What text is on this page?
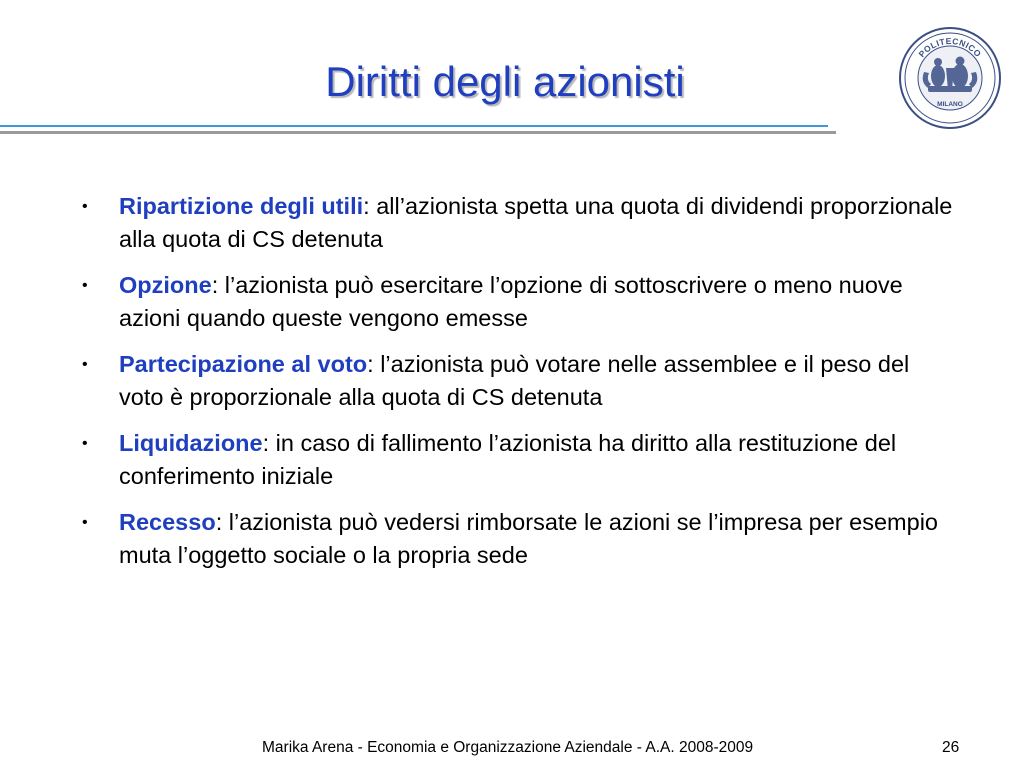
Diritti degli azionisti
POLITECNICO
MILANO
• Ripartizione degli utili: all’azionista spetta una quota di dividendi proporzionale alla quota di CS detenuta
• Opzione: l’azionista può esercitare l’opzione di sottoscrivere o meno nuove azioni quando queste vengono emesse
• Partecipazione al voto: l’azionista può votare nelle assemblee e il peso del voto è proporzionale alla quota di CS detenuta
• Liquidazione: in caso di fallimento l’azionista ha diritto alla restituzione del conferimento iniziale
• Recesso: l’azionista può vedersi rimborsate le azioni se l’impresa per esempio muta l’oggetto sociale o la propria sede
Marika Arena - Economia e Organizzazione Aziendale - A.A. 2008-2009	26
